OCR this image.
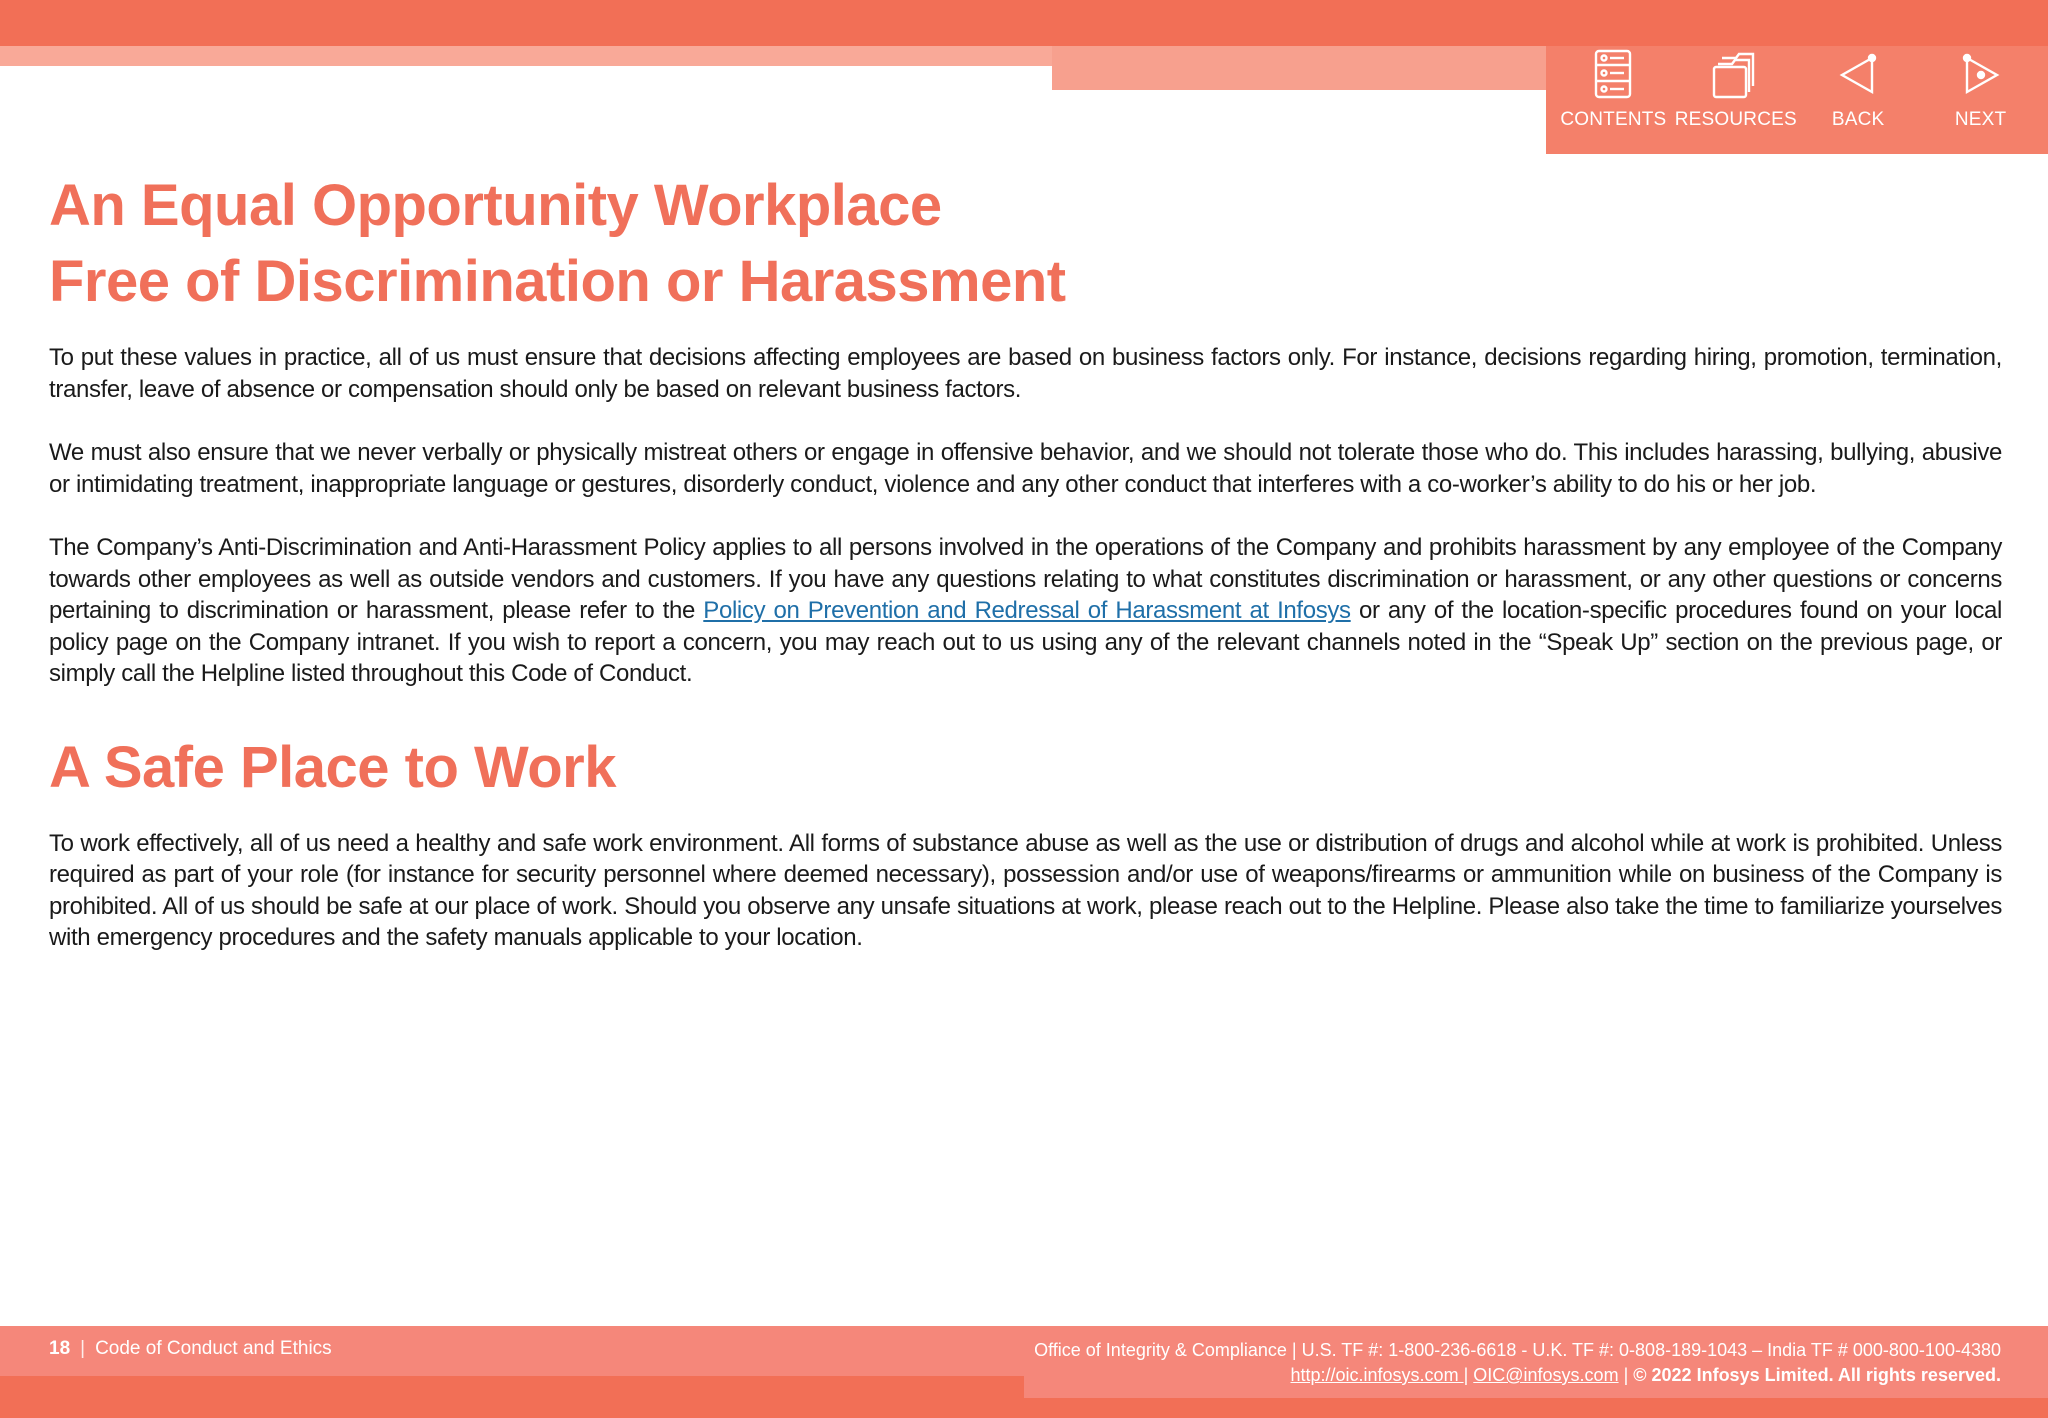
CONTENTS RESOURCES BACK	NEXT
An Equal Opportunity Workplace
Free of Discrimination or Harassment

To put these values in practice, all of us must ensure that decisions affecting employees are based on business factors only. For instance, decisions regarding hiring, promotion, termination, transfer, leave of absence or compensation should only be based on relevant business factors.

We must also ensure that we never verbally or physically mistreat others or engage in offensive behavior, and we should not tolerate those who do. This includes harassing, bullying, abusive or intimidating treatment, inappropriate language or gestures, disorderly conduct, violence and any other conduct that interferes with a co-worker’s ability to do his or her job.

The Company’s Anti-Discrimination and Anti-Harassment Policy applies to all persons involved in the operations of the Company and prohibits harassment by any employee of the Company towards other employees as well as outside vendors and customers. If you have any questions relating to what constitutes discrimination or harassment, or any other questions or concerns pertaining to discrimination or harassment, please refer to the Policy on Prevention and Redressal of Harassment at Infosys or any of the location-specific procedures found on your local policy page on the Company intranet. If you wish to report a concern, you may reach out to us using any of the relevant channels noted in the “Speak Up” section on the previous page, or simply call the Helpline listed throughout this Code of Conduct.

A Safe Place to Work

To work effectively, all of us need a healthy and safe work environment. All forms of substance abuse as well as the use or distribution of drugs and alcohol while at work is prohibited. Unless required as part of your role (for instance for security personnel where deemed necessary), possession and/or use of weapons/firearms or ammunition while on business of the Company is prohibited. All of us should be safe at our place of work. Should you observe any unsafe situations at work, please reach out to the Helpline. Please also take the time to familiarize yourselves with emergency procedures and the safety manuals applicable to your location.

18 | Code of Conduct and Ethics	Office of Integrity & Compliance | U.S. TF #: 1-800-236-6618 - U.K. TF #: 0-808-189-1043 – India TF # 000-800-100-4380
http://oic.infosys.com | OIC@infosys.com | © 2022 Infosys Limited. All rights reserved.
